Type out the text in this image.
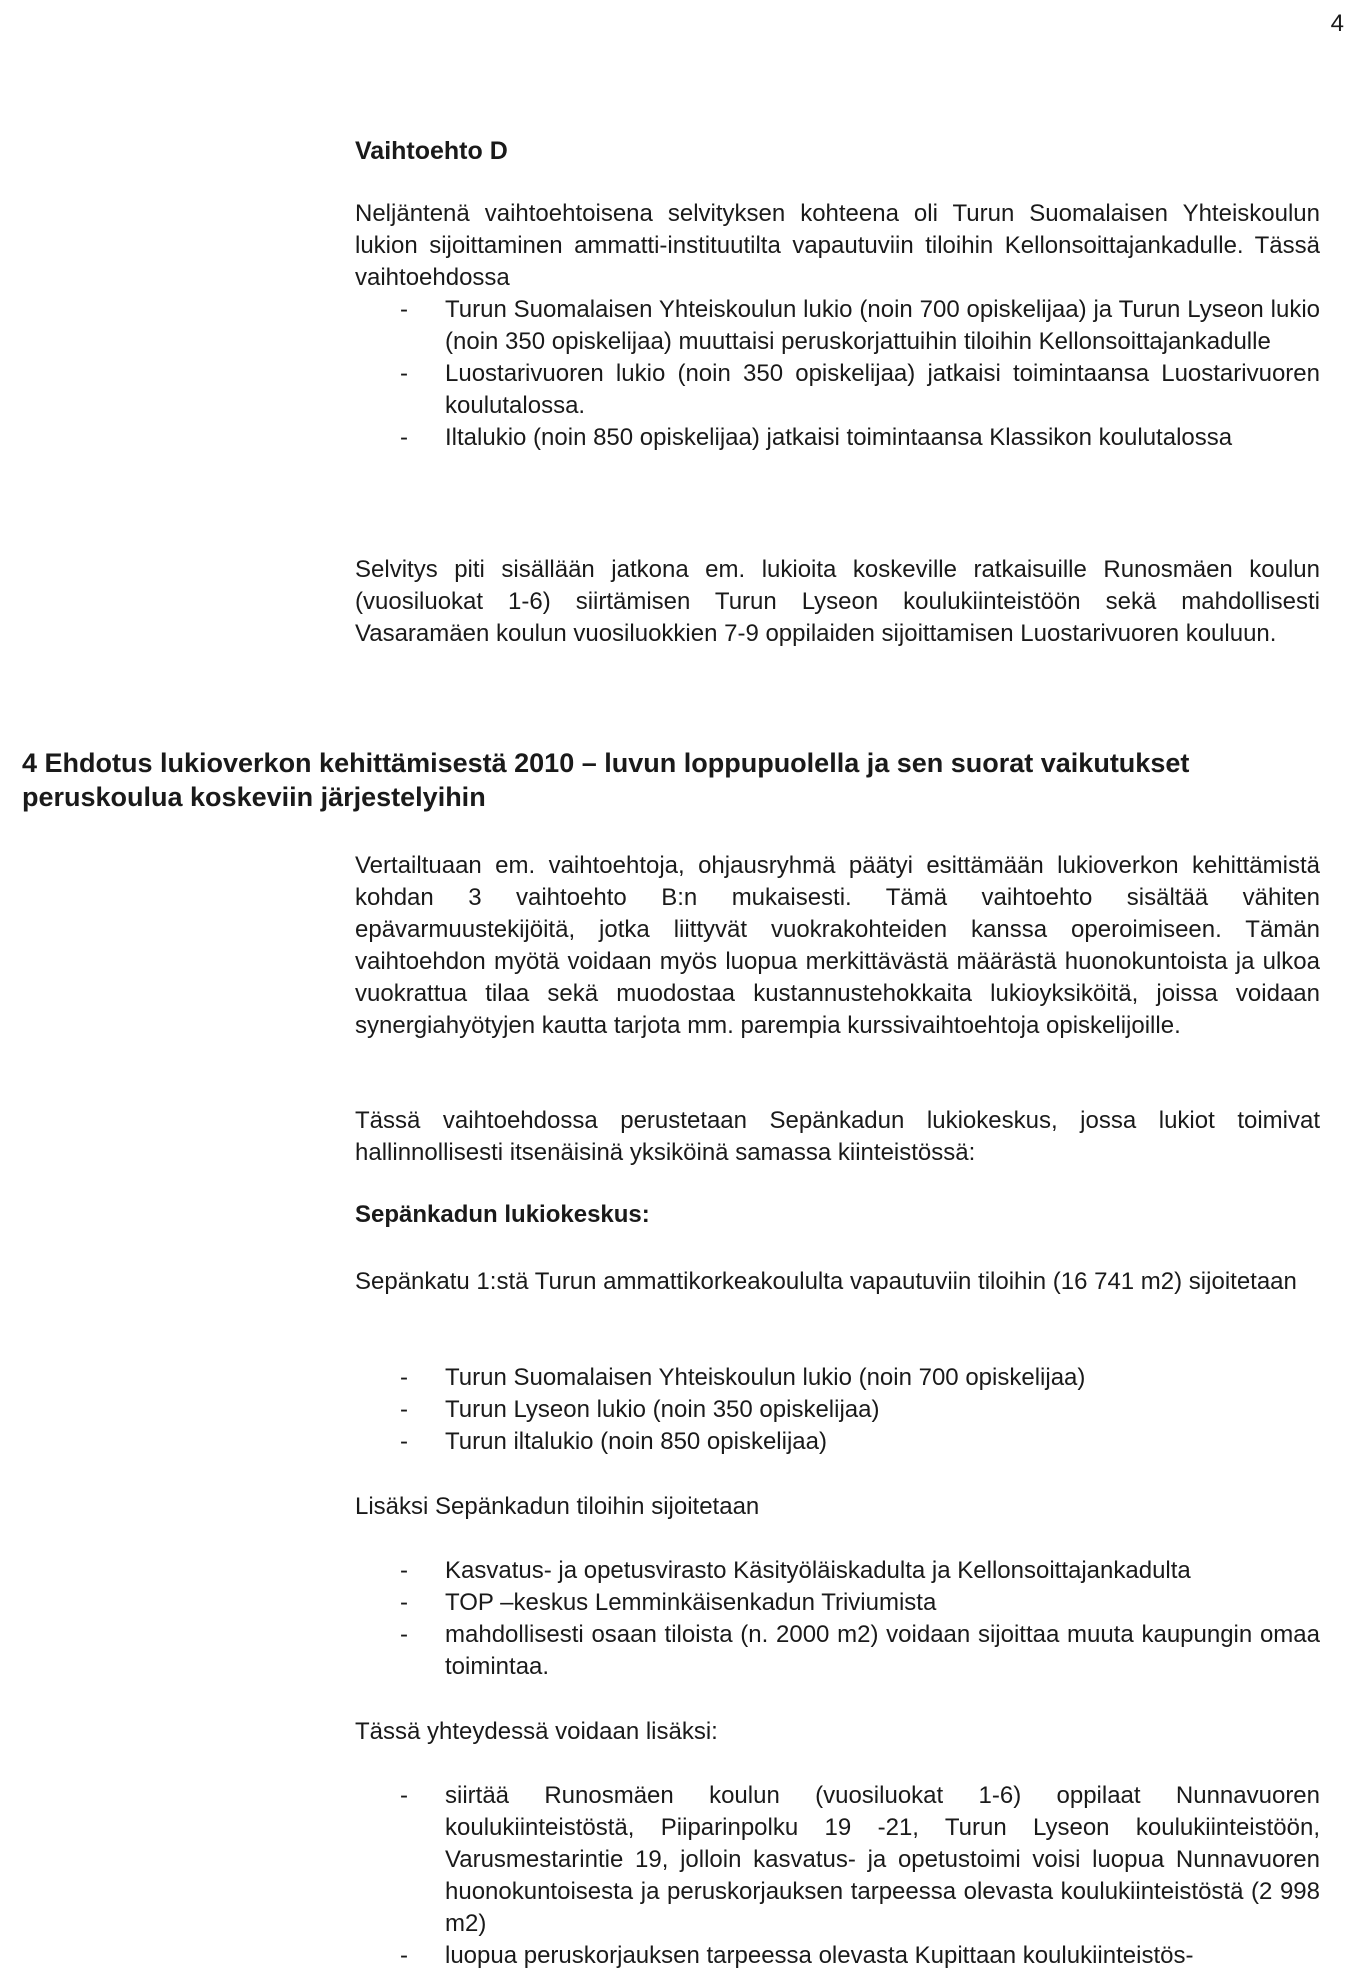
4
Vaihtoehto D

Neljäntenä vaihtoehtoisena selvityksen kohteena oli Turun Suomalaisen Yhteiskoulun lukion sijoittaminen ammatti-instituutilta vapautuviin tiloihin Kellonsoittajankadulle. Tässä vaihtoehdossa

- Turun Suomalaisen Yhteiskoulun lukio (noin 700 opiskelijaa) ja Turun Lyseon lukio (noin 350 opiskelijaa) muuttaisi peruskorjattuihin tiloihin Kellonsoittajankadulle
- Luostarivuoren lukio (noin 350 opiskelijaa) jatkaisi toimintaansa Luostarivuoren koulutalossa.
- Iltalukio (noin 850 opiskelijaa) jatkaisi toimintaansa Klassikon koulutalossa

Selvitys piti sisällään jatkona em. lukioita koskeville ratkaisuille Runosmäen koulun (vuosiluokat 1-6) siirtämisen Turun Lyseon koulukiinteistöön sekä mahdollisesti Vasaramäen koulun vuosiluokkien 7-9 oppilaiden sijoittamisen Luostarivuoren kouluun.

4 Ehdotus lukioverkon kehittämisestä 2010 – luvun loppupuolella ja sen suorat vaikutukset peruskoulua koskeviin järjestelyihin

Vertailtuaan em. vaihtoehtoja, ohjausryhmä päätyi esittämään lukioverkon kehittämistä kohdan 3 vaihtoehto B:n mukaisesti. Tämä vaihtoehto sisältää vähiten epävarmuustekijöitä, jotka liittyvät vuokrakohteiden kanssa operoimiseen. Tämän vaihtoehdon myötä voidaan myös luopua merkittävästä määrästä huonokuntoista ja ulkoa vuokrattua tilaa sekä muodostaa kustannustehokkaita lukioyksiköitä, joissa voidaan synergiahyötyjen kautta tarjota mm. parempia kurssivaihtoehtoja opiskelijoille.

Tässä vaihtoehdossa perustetaan Sepänkadun lukiokeskus, jossa lukiot toimivat hallinnollisesti itsenäisinä yksiköinä samassa kiinteistössä:

Sepänkadun lukiokeskus:

Sepänkatu 1:stä Turun ammattikorkeakoululta vapautuviin tiloihin (16 741 m2) sijoitetaan

- Turun Suomalaisen Yhteiskoulun lukio (noin 700 opiskelijaa)
- Turun Lyseon lukio (noin 350 opiskelijaa)
- Turun iltalukio (noin 850 opiskelijaa)

Lisäksi Sepänkadun tiloihin sijoitetaan

- Kasvatus- ja opetusvirasto Käsityöläiskadulta ja Kellonsoittajankadulta
- TOP –keskus Lemminkäisenkadun Triviumista
- mahdollisesti osaan tiloista (n. 2000 m2) voidaan sijoittaa muuta kaupungin omaa toimintaa.

Tässä yhteydessä voidaan lisäksi:

- siirtää Runosmäen koulun (vuosiluokat 1-6) oppilaat Nunnavuoren koulukiinteistöstä, Piiparinpolku 19 -21, Turun Lyseon koulukiinteistöön, Varusmestarintie 19, jolloin kasvatus- ja opetustoimi voisi luopua Nunnavuoren huonokuntoisesta ja peruskorjauksen tarpeessa olevasta koulukiinteistöstä (2 998 m2)
- luopua peruskorjauksen tarpeessa olevasta Kupittaan koulukiinteistös-
